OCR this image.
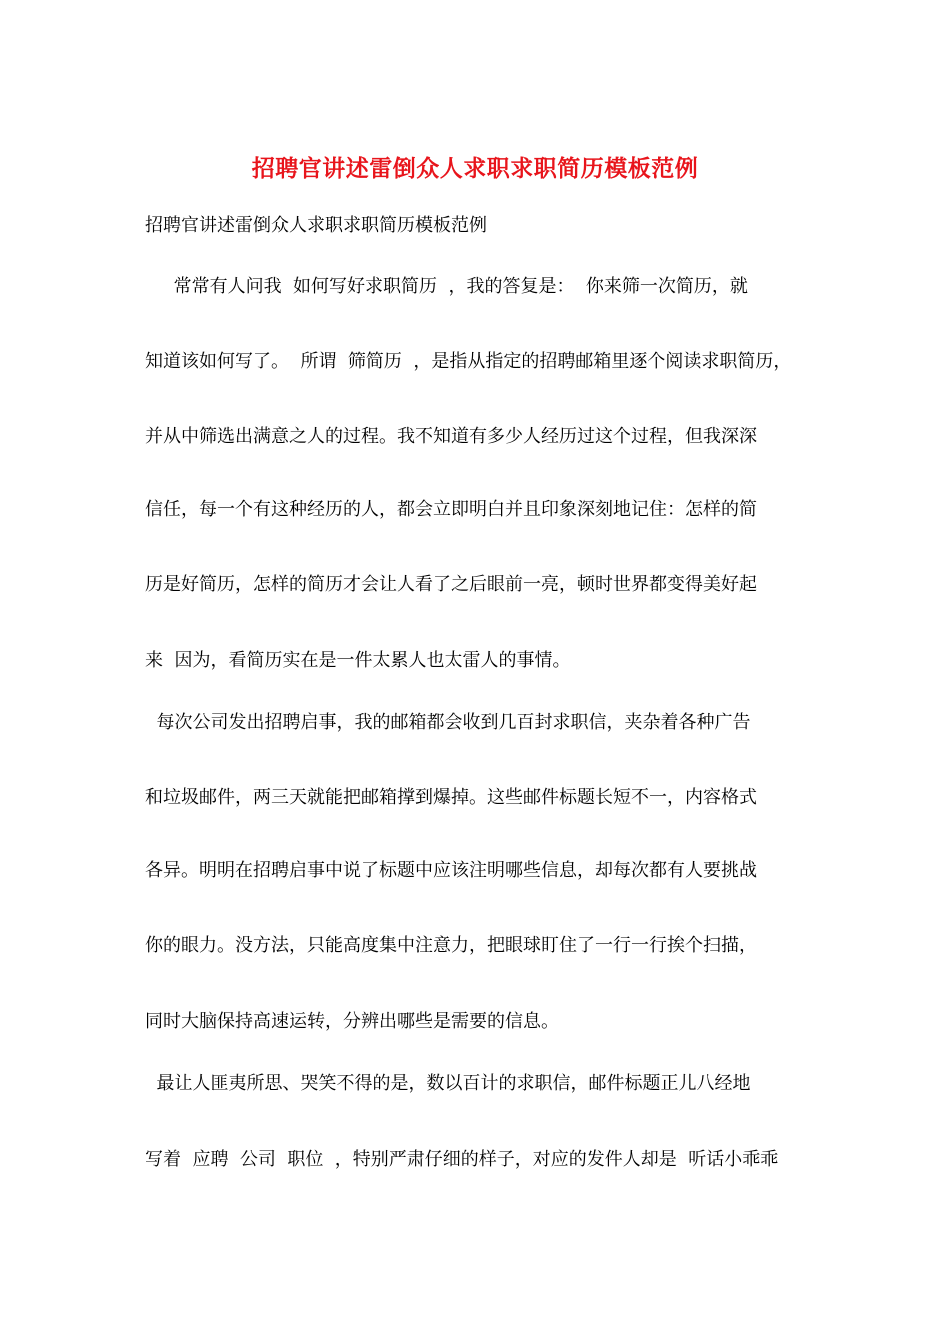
招聘官讲述雷倒众人求职求职简历模板范例
招聘官讲述雷倒众人求职求职简历模板范例
常常有人问我  如何写好求职简历  ，我的答复是：  你来筛一次简历，就
知道该如何写了。  所谓  筛简历  ，是指从指定的招聘邮箱里逐个阅读求职简历，
并从中筛选出满意之人的过程。我不知道有多少人经历过这个过程，但我深深
信任，每一个有这种经历的人，都会立即明白并且印象深刻地记住：怎样的简
历是好简历，怎样的简历才会让人看了之后眼前一亮，顿时世界都变得美好起
来  因为，看简历实在是一件太累人也太雷人的事情。
每次公司发出招聘启事，我的邮箱都会收到几百封求职信，夹杂着各种广告
和垃圾邮件，两三天就能把邮箱撑到爆掉。这些邮件标题长短不一，内容格式
各异。明明在招聘启事中说了标题中应该注明哪些信息，却每次都有人要挑战
你的眼力。没方法，只能高度集中注意力，把眼球盯住了一行一行挨个扫描，
同时大脑保持高速运转，分辨出哪些是需要的信息。
最让人匪夷所思、哭笑不得的是，数以百计的求职信，邮件标题正儿八经地
写着  应聘  公司  职位  ，特别严肃仔细的样子，对应的发件人却是  听话小乖乖
